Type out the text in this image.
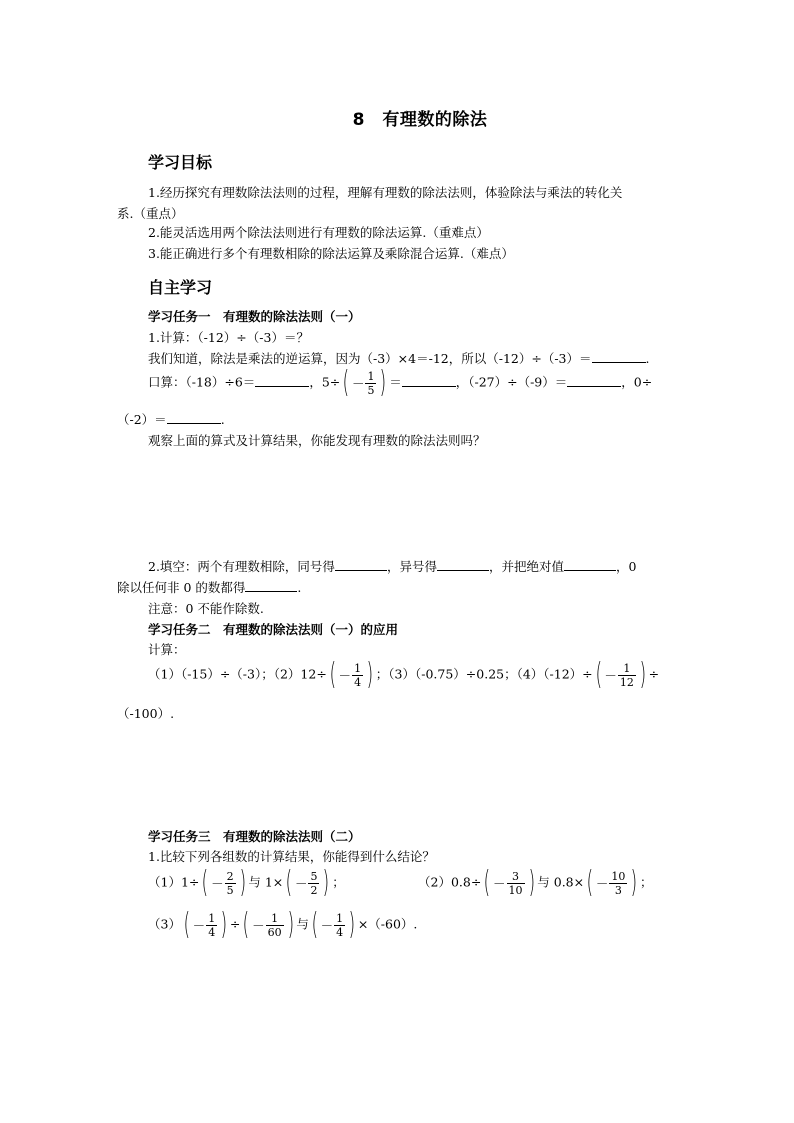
8　有理数的除法
学习目标
1.经历探究有理数除法法则的过程，理解有理数的除法法则，体验除法与乘法的转化关
系.（重点）
2.能灵活选用两个除法法则进行有理数的除法运算.（重难点）
3.能正确进行多个有理数相除的除法运算及乘除混合运算.（难点）
自主学习
学习任务一　有理数的除法法则（一）
1.计算：（-12）÷（-3）＝？
我们知道，除法是乘法的逆运算，因为（-3）×4＝-12，所以（-12）÷（-3）＝	.
口算：（-18）÷6＝	，$5\div( - \frac{1}{5}$ ) ＝	，（-27）÷（-9）＝	，0÷
（-2）＝	.
观察上面的算式及计算结果，你能发现有理数的除法法则吗？
2.填空：两个有理数相除，同号得	，异号得	，并把绝对值	，0
除以任何非 0 的数都得	.
注意：0 不能作除数.
学习任务二　有理数的除法法则（一）的应用
计算：
（1）（-15）÷（-3）；$(2)12\div( - \frac{1}{4}$ ) ；（3）（-0.75）÷0.25；$(4)(-12)\div( - \frac{1}{12}$ ) ÷
（-100）.
学习任务三　有理数的除法法则（二）
1.比较下列各组数的计算结果，你能得到什么结论？
$(1)1\div( - \frac{2}{5}$ ) 与 $1\times( - \frac{5}{2}$ ) ；	$(2)0.8\div( - \frac{3}{10}$ ) 与 $0.8\times( - \frac{10}{3}$ ) ；
$(3)( - \frac{1}{4}$ ) ÷( － $\frac{1}{60}$ ) 与( － $\frac{1}{4}$ ) ×（-60）.
